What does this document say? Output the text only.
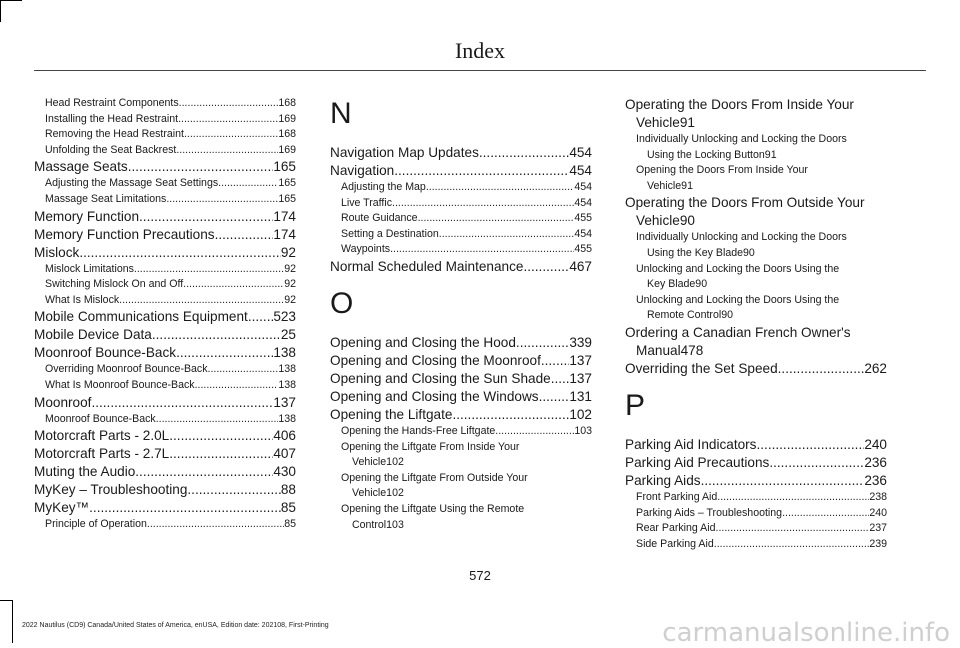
Index
Head Restraint Components .....	168
Installing the Head Restraint .....	169
Removing the Head Restraint .....	168
Unfolding the Seat Backrest .....	169
Massage Seats .....	165
Adjusting the Massage Seat Settings .....	165
Massage Seat Limitations .....	165
Memory Function .....	174
Memory Function Precautions .....	174
Mislock .....	92
Mislock Limitations .....	92
Switching Mislock On and Off .....	92
What Is Mislock .....	92
Mobile Communications Equipment ..... 523
Mobile Device Data .....	25
Moonroof Bounce-Back .....	138
Overriding Moonroof Bounce-Back .....	138
What Is Moonroof Bounce-Back .....	138
Moonroof .....	137
Moonroof Bounce-Back .....	138
Motorcraft Parts - 2.0L .....	406
Motorcraft Parts - 2.7L .....	407
Muting the Audio .....	430
MyKey – Troubleshooting .....	88
MyKey™ .....	85
Principle of Operation .....	85
N
Navigation Map Updates .....	454
Navigation .....	454
Adjusting the Map .....	454
Live Traffic .....	454
Route Guidance .....	455
Setting a Destination .....	454
Waypoints .....	455
Normal Scheduled Maintenance .....	467
O
Opening and Closing the Hood .....	339
Opening and Closing the Moonroof ..... 137
Opening and Closing the Sun Shade ..... 137
Opening and Closing the Windows ..... 131
Opening the Liftgate .....	102
Opening the Hands-Free Liftgate .....	103
Opening the Liftgate From Inside Your
Vehicle 102
Opening the Liftgate From Outside Your
Vehicle 102
Opening the Liftgate Using the Remote
Control 103
Operating the Doors From Inside Your
Vehicle 91
Individually Unlocking and Locking the Doors
Using the Locking Button 91
Opening the Doors From Inside Your
Vehicle 91
Operating the Doors From Outside Your
Vehicle 90
Individually Unlocking and Locking the Doors
Using the Key Blade 90
Unlocking and Locking the Doors Using the
Key Blade 90
Unlocking and Locking the Doors Using the
Remote Control 90
Ordering a Canadian French Owner's
Manual 478
Overriding the Set Speed .....	262
P
Parking Aid Indicators .....	240
Parking Aid Precautions .....	236
Parking Aids .....	236
Front Parking Aid .....	238
Parking Aids – Troubleshooting .....	240
Rear Parking Aid .....	237
Side Parking Aid .....	239
572
2022 Nautilus (CD9) Canada/United States of America, enUSA, Edition date: 202108, First-Printing	carmanualsonline.info
